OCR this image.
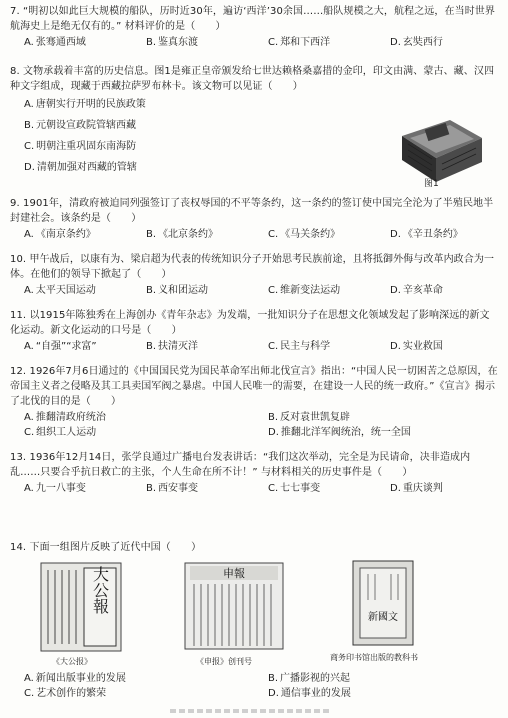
7. “明初以如此巨大规模的船队，历时近30年，遍访‘西洋’30余国……船队规模之大，航程之远，在当时世界航海史上是绝无仅有的。” 材料评价的是（　　）

A. 张骞通西域	B. 鉴真东渡	C. 郑和下西洋	D. 玄奘西行

8. 文物承载着丰富的历史信息。图1是雍正皇帝颁发给七世达赖格桑嘉措的金印，印文由满、蒙古、藏、汉四种文字组成，现藏于西藏拉萨罗布林卡。该文物可以见证（　　）

A. 唐朝实行开明的民族政策
B. 元朝设宣政院管辖西藏
C. 明朝注重巩固东南海防
D. 清朝加强对西藏的管辖
图1

9. 1901年，清政府被迫同列强签订了丧权辱国的不平等条约，这一条约的签订使中国完全沦为了半殖民地半封建社会。该条约是（　　）

A. 《南京条约》	B. 《北京条约》	C. 《马关条约》	D. 《辛丑条约》

10. 甲午战后，以康有为、梁启超为代表的传统知识分子开始思考民族前途，且将抵御外侮与改革内政合为一体。在他们的领导下掀起了（　　）

A. 太平天国运动	B. 义和团运动	C. 维新变法运动	D. 辛亥革命

11. 以1915年陈独秀在上海创办《青年杂志》为发端，一批知识分子在思想文化领域发起了影响深远的新文化运动。新文化运动的口号是（　　）

A. “自强”“求富”	B. 扶清灭洋	C. 民主与科学	D. 实业救国

12. 1926年7月6日通过的《中国国民党为国民革命军出师北伐宣言》指出：“中国人民一切困苦之总原因，在帝国主义者之侵略及其工具卖国军阀之暴虐。中国人民唯一的需要，在建设一人民的统一政府。”《宣言》揭示了北伐的目的是（　　）

A. 推翻清政府统治	B. 反对袁世凯复辟
C. 组织工人运动	D. 推翻北洋军阀统治，统一全国

13. 1936年12月14日，张学良通过广播电台发表讲话：“我们这次举动，完全是为民请命，决非造成内乱……只要合乎抗日救亡的主张，个人生命在所不计！” 与材料相关的历史事件是（　　）

A. 九一八事变	B. 西安事变	C. 七七事变	D. 重庆谈判

14. 下面一组图片反映了近代中国（　　）

大公報
《大公报》
申報
《申报》创刊号
新國文
商务印书馆出版的教科书
A. 新闻出版事业的发展	B. 广播影视的兴起
C. 艺术创作的繁荣	D. 通信事业的发展
